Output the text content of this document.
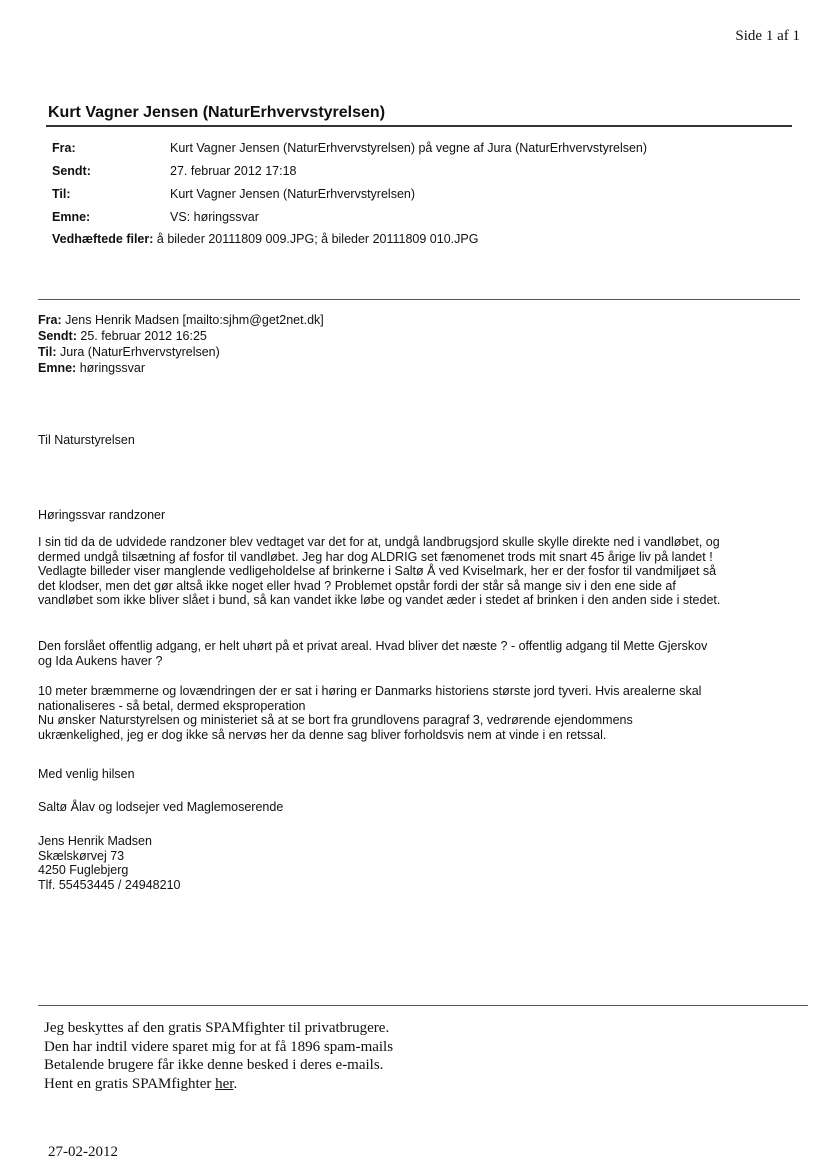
Side 1 af 1
Kurt Vagner Jensen (NaturErhvervstyrelsen)
Fra:	Kurt Vagner Jensen (NaturErhvervstyrelsen) på vegne af Jura (NaturErhvervstyrelsen)
Sendt:	27. februar 2012 17:18
Til:	Kurt Vagner Jensen (NaturErhvervstyrelsen)
Emne:	VS: høringssvar
Vedhæftede filer: å bileder 20111809 009.JPG; å bileder 20111809 010.JPG
Fra: Jens Henrik Madsen [mailto:sjhm@get2net.dk]
Sendt: 25. februar 2012 16:25
Til: Jura (NaturErhvervstyrelsen)
Emne: høringssvar
Til Naturstyrelsen
Høringssvar randzoner
I sin tid da de udvidede randzoner blev vedtaget var det for at, undgå landbrugsjord skulle skylle direkte ned i vandløbet, og
dermed undgå tilsætning af fosfor til vandløbet. Jeg har dog ALDRIG set fænomenet trods mit snart 45 årige liv på landet !
Vedlagte billeder viser manglende vedligeholdelse af brinkerne i Saltø Å ved Kviselmark, her er der fosfor til vandmiljøet så
det klodser, men det gør altså ikke noget eller hvad ? Problemet opstår fordi der står så mange siv i den ene side af
vandløbet som ikke bliver slået i bund, så kan vandet ikke løbe og vandet æder i stedet af brinken i den anden side i stedet.
Den forslået offentlig adgang, er helt uhørt på et privat areal. Hvad bliver det næste ? - offentlig adgang til Mette Gjerskov
og Ida Aukens haver ?
10 meter bræmmerne og lovændringen der er sat i høring er Danmarks historiens største jord tyveri. Hvis arealerne skal
nationaliseres - så betal, dermed eksproperation
Nu ønsker Naturstyrelsen og ministeriet så at se bort fra grundlovens paragraf 3, vedrørende ejendommens
ukrænkelighed, jeg er dog ikke så nervøs her da denne sag bliver forholdsvis nem at vinde i en retssal.
Med venlig hilsen
Saltø Ålav og lodsejer ved Maglemoserende
Jens Henrik Madsen
Skælskørvej 73
4250 Fuglebjerg
Tlf. 55453445 / 24948210
Jeg beskyttes af den gratis SPAMfighter til privatbrugere.
Den har indtil videre sparet mig for at få 1896 spam-mails
Betalende brugere får ikke denne besked i deres e-mails.
Hent en gratis SPAMfighter her.
27-02-2012
